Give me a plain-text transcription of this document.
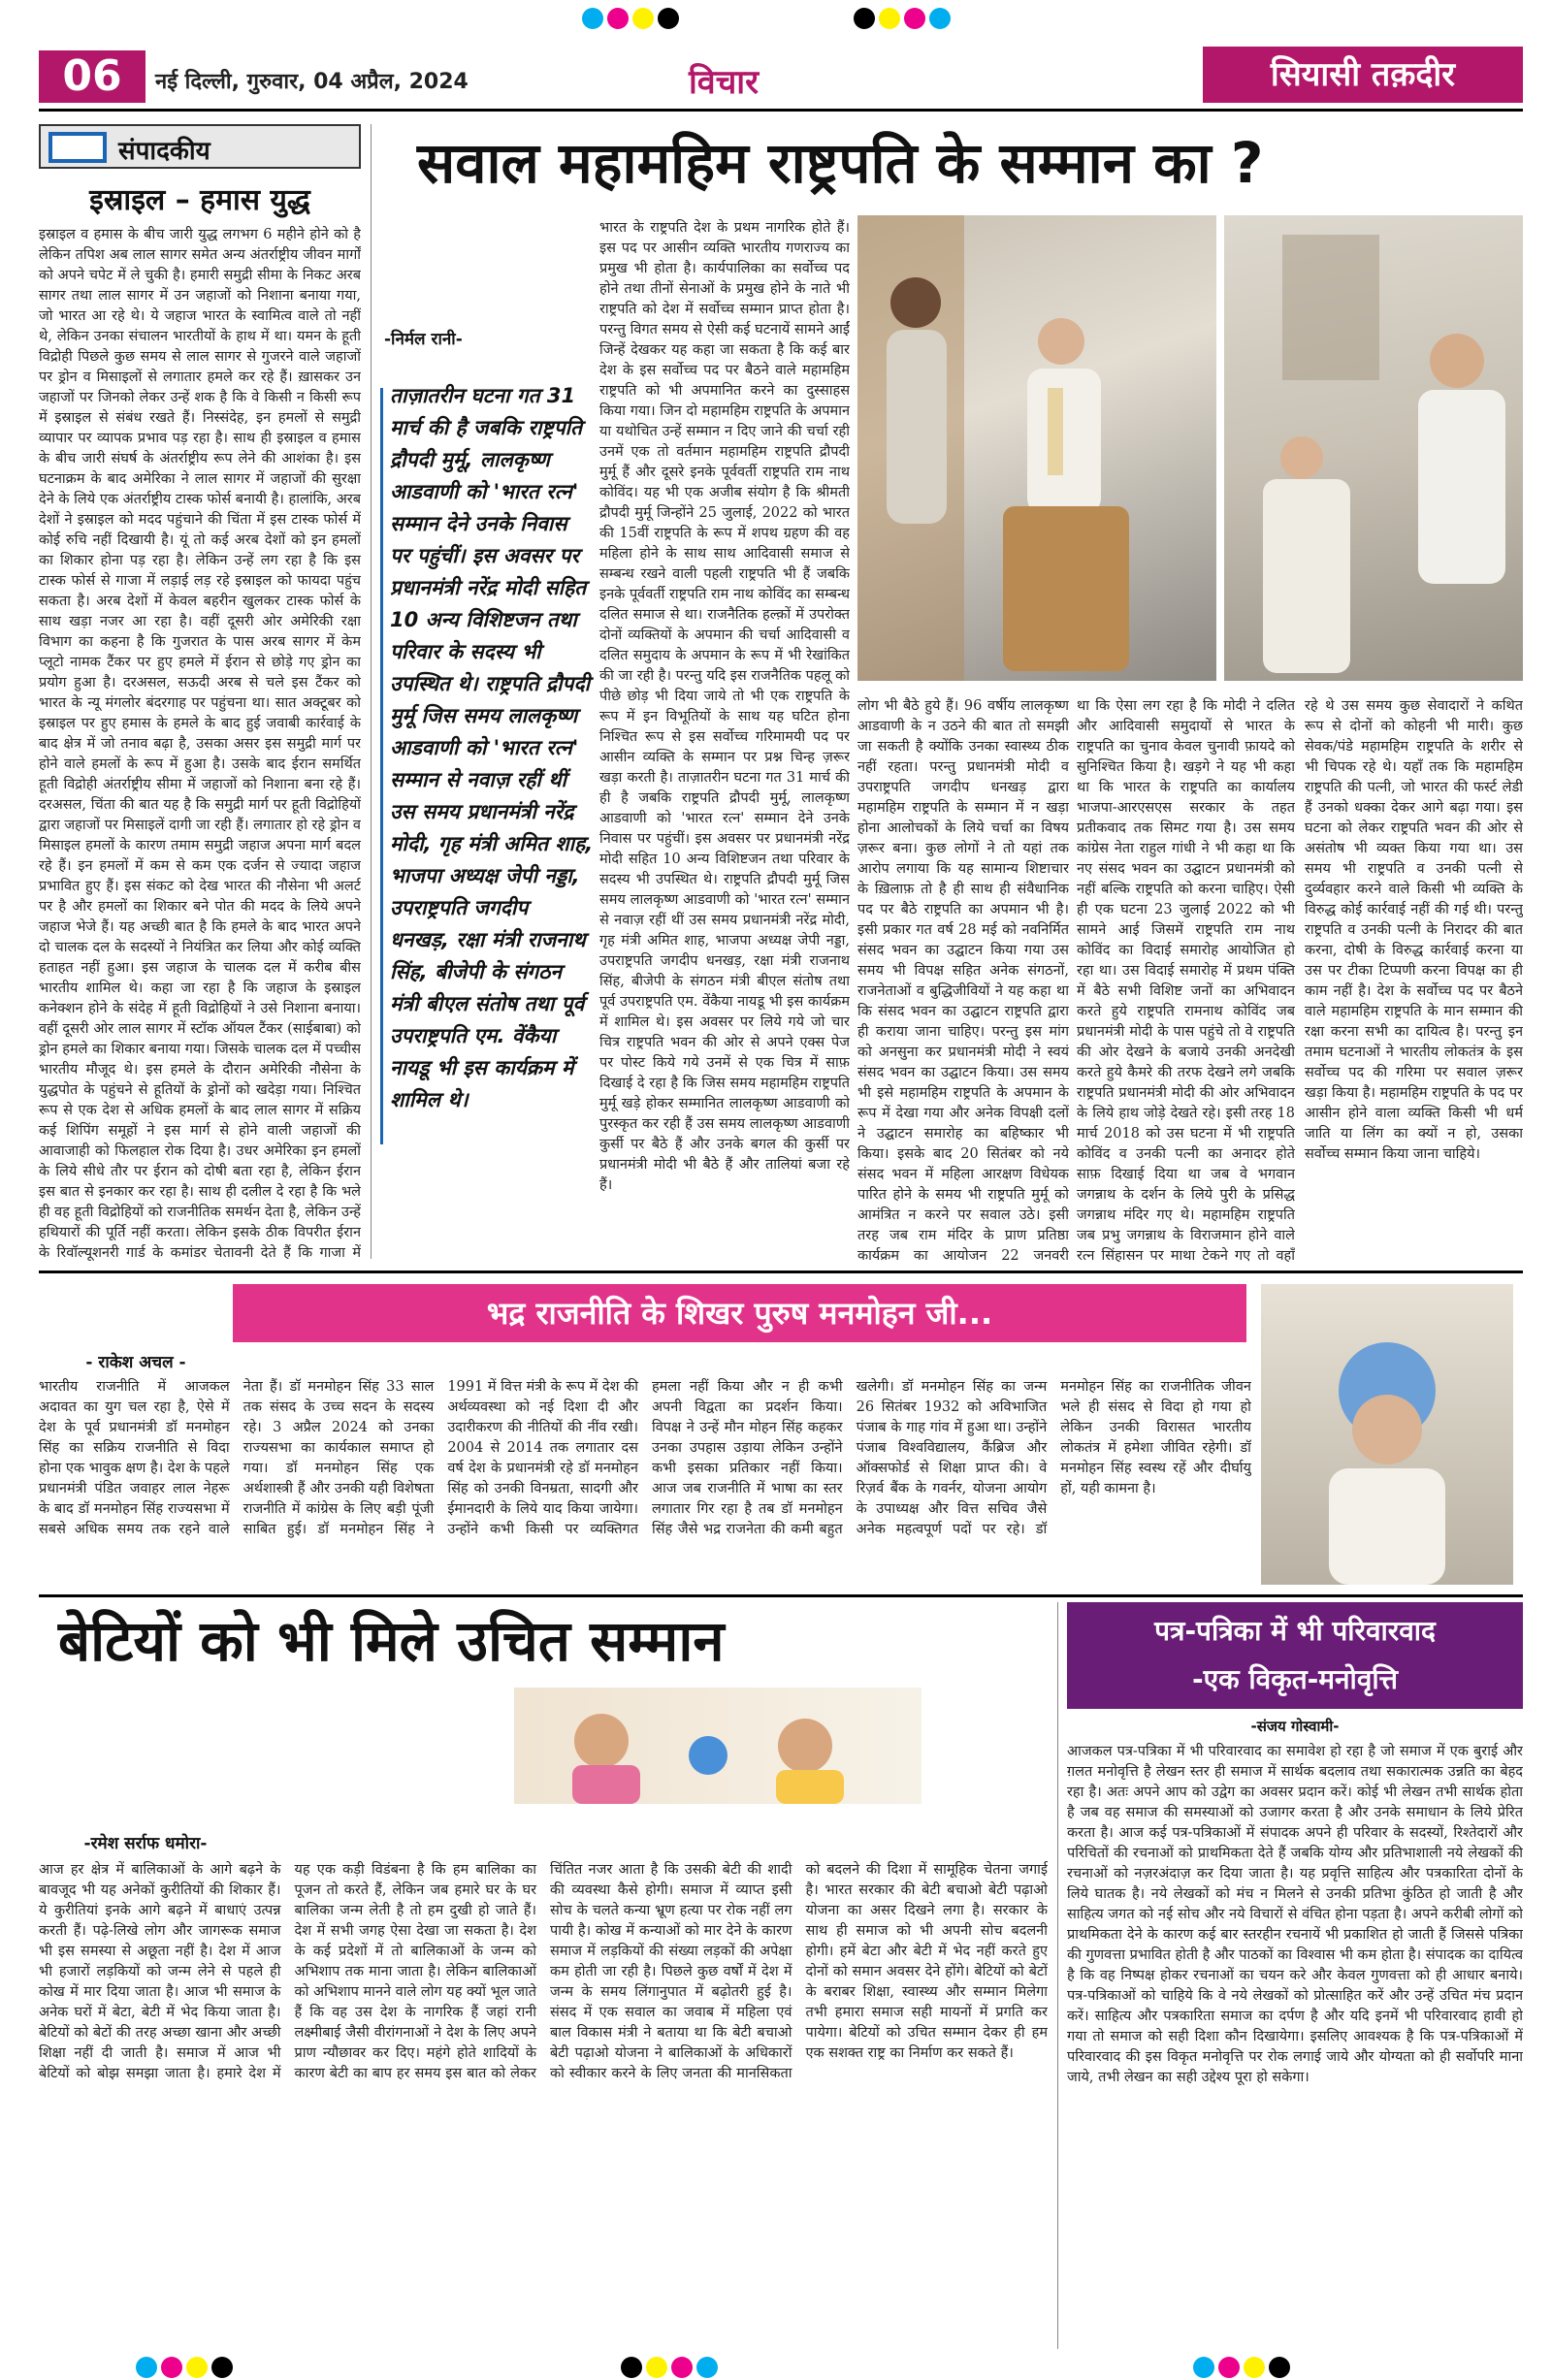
06	नई दिल्ली, गुरुवार, 04 अप्रैल, 2024	विचार	सियासी तक़दीर
संपादकीय
इस्राइल – हमास युद्ध
इस्राइल व हमास के बीच जारी युद्ध लगभग 6 महीने होने को है लेकिन तपिश अब लाल सागर समेत अन्य अंतर्राष्ट्रीय जीवन मार्गों को अपने चपेट में ले चुकी है। हमारी समुद्री सीमा के निकट अरब सागर तथा लाल सागर में उन जहाजों को निशाना बनाया गया, जो भारत आ रहे थे। ये जहाज भारत के स्वामित्व वाले तो नहीं थे, लेकिन उनका संचालन भारतीयों के हाथ में था। यमन के हूती विद्रोही पिछले कुछ समय से लाल सागर से गुजरने वाले जहाजों पर ड्रोन व मिसाइलों से लगातार हमले कर रहे हैं। ख़ासकर उन जहाजों पर जिनको लेकर उन्हें शक है कि वे किसी न किसी रूप में इस्राइल से संबंध रखते हैं। निस्संदेह, इन हमलों से समुद्री व्यापार पर व्यापक प्रभाव पड़ रहा है। साथ ही इस्राइल व हमास के बीच जारी संघर्ष के अंतर्राष्ट्रीय रूप लेने की आशंका है। इस घटनाक्रम के बाद अमेरिका ने लाल सागर में जहाजों की सुरक्षा देने के लिये एक अंतर्राष्ट्रीय टास्क फोर्स बनायी है। हालांकि, अरब देशों ने इस्राइल को मदद पहुंचाने की चिंता में इस टास्क फोर्स में कोई रुचि नहीं दिखायी है। यूं तो कई अरब देशों को इन हमलों का शिकार होना पड़ रहा है। लेकिन उन्हें लग रहा है कि इस टास्क फोर्स से गाजा में लड़ाई लड़ रहे इस्राइल को फायदा पहुंच सकता है। अरब देशों में केवल बहरीन खुलकर टास्क फोर्स के साथ खड़ा नजर आ रहा है। वहीं दूसरी ओर अमेरिकी रक्षा विभाग का कहना है कि गुजरात के पास अरब सागर में केम प्लूटो नामक टैंकर पर हुए हमले में ईरान से छोड़े गए ड्रोन का प्रयोग हुआ है। दरअसल, सऊदी अरब से चले इस टैंकर को भारत के न्यू मंगलोर बंदरगाह पर पहुंचना था। सात अक्टूबर को इस्राइल पर हुए हमास के हमले के बाद हुई जवाबी कार्रवाई के बाद क्षेत्र में जो तनाव बढ़ा है, उसका असर इस समुद्री मार्ग पर होने वाले हमलों के रूप में हुआ है। उसके बाद ईरान समर्थित हूती विद्रोही अंतर्राष्ट्रीय सीमा में जहाजों को निशाना बना रहे हैं। दरअसल, चिंता की बात यह है कि समुद्री मार्ग पर हूती विद्रोहियों द्वारा जहाजों पर मिसाइलें दागी जा रही हैं। लगातार हो रहे ड्रोन व मिसाइल हमलों के कारण तमाम समुद्री जहाज अपना मार्ग बदल रहे हैं। इन हमलों में कम से कम एक दर्जन से ज्यादा जहाज प्रभावित हुए हैं। इस संकट को देख भारत की नौसेना भी अलर्ट पर है और हमलों का शिकार बने पोत की मदद के लिये अपने जहाज भेजे हैं। यह अच्छी बात है कि हमले के बाद भारत अपने दो चालक दल के सदस्यों ने नियंत्रित कर लिया और कोई व्यक्ति हताहत नहीं हुआ। इस जहाज के चालक दल में करीब बीस भारतीय शामिल थे। कहा जा रहा है कि जहाज के इस्राइल कनेक्शन होने के संदेह में हूती विद्रोहियों ने उसे निशाना बनाया। वहीं दूसरी ओर लाल सागर में स्टॉक ऑयल टैंकर (साईबाबा) को ड्रोन हमले का शिकार बनाया गया। जिसके चालक दल में पच्चीस भारतीय मौजूद थे। इस हमले के दौरान अमेरिकी नौसेना के युद्धपोत के पहुंचने से हूतियों के ड्रोनों को खदेड़ा गया। निश्चित रूप से एक देश से अधिक हमलों के बाद लाल सागर में सक्रिय कई शिपिंग समूहों ने इस मार्ग से होने वाली जहाजों की आवाजाही को फिलहाल रोक दिया है। उधर अमेरिका इन हमलों के लिये सीधे तौर पर ईरान को दोषी बता रहा है, लेकिन ईरान इस बात से इनकार कर रहा है। साथ ही दलील दे रहा है कि भले ही वह हूती विद्रोहियों को राजनीतिक समर्थन देता है, लेकिन उन्हें हथियारों की पूर्ति नहीं करता। लेकिन इसके ठीक विपरीत ईरान के रिवॉल्यूशनरी गार्ड के कमांडर चेतावनी देते हैं कि गाजा में
सवाल महामहिम राष्ट्रपति के सम्मान का ?
-निर्मल रानी-
ताज़ातरीन घटना गत 31 मार्च की है जबकि राष्ट्रपति द्रौपदी मुर्मू, लालकृष्ण आडवाणी को 'भारत रत्न' सम्मान देने उनके निवास पर पहुंचीं। इस अवसर पर प्रधानमंत्री नरेंद्र मोदी सहित 10 अन्य विशिष्टजन तथा परिवार के सदस्य भी उपस्थित थे। राष्ट्रपति द्रौपदी मुर्मू जिस समय लालकृष्ण आडवाणी को 'भारत रत्न' सम्मान से नवाज़ रहीं थीं उस समय प्रधानमंत्री नरेंद्र मोदी, गृह मंत्री अमित शाह, भाजपा अध्यक्ष जेपी नड्डा, उपराष्ट्रपति जगदीप धनखड़, रक्षा मंत्री राजनाथ सिंह, बीजेपी के संगठन मंत्री बीएल संतोष तथा पूर्व उपराष्ट्रपति एम. वेंकैया नायडू भी इस कार्यक्रम में शामिल थे।
भारत के राष्ट्रपति देश के प्रथम नागरिक होते हैं। इस पद पर आसीन व्यक्ति भारतीय गणराज्य का प्रमुख भी होता है। कार्यपालिका का सर्वोच्च पद होने तथा तीनों सेनाओं के प्रमुख होने के नाते भी राष्ट्रपति को देश में सर्वोच्च सम्मान प्राप्त होता है। परन्तु विगत समय से ऐसी कई घटनायें सामने आईं जिन्हें देखकर यह कहा जा सकता है कि कई बार देश के इस सर्वोच्च पद पर बैठने वाले महामहिम राष्ट्रपति को भी अपमानित करने का दुस्साहस किया गया। जिन दो महामहिम राष्ट्रपति के अपमान या यथोचित उन्हें सम्मान न दिए जाने की चर्चा रही उनमें एक तो वर्तमान महामहिम राष्ट्रपति द्रौपदी मुर्मू हैं और दूसरे इनके पूर्ववर्ती राष्ट्रपति राम नाथ कोविंद। यह भी एक अजीब संयोग है कि श्रीमती द्रौपदी मुर्मू जिन्होंने 25 जुलाई, 2022 को भारत की 15वीं राष्ट्रपति के रूप में शपथ ग्रहण की वह महिला होने के साथ साथ आदिवासी समाज से सम्बन्ध रखने वाली पहली राष्ट्रपति भी हैं जबकि इनके पूर्ववर्ती राष्ट्रपति राम नाथ कोविंद का सम्बन्ध दलित समाज से था। राजनैतिक हल्क़ों में उपरोक्त दोनों व्यक्तियों के अपमान की चर्चा आदिवासी व दलित समुदाय के अपमान के रूप में भी रेखांकित की जा रही है। परन्तु यदि इस राजनैतिक पहलू को पीछे छोड़ भी दिया जाये तो भी एक राष्ट्रपति के रूप में इन विभूतियों के साथ यह घटित होना निश्चित रूप से इस सर्वोच्च गरिमामयी पद पर आसीन व्यक्ति के सम्मान पर प्रश्न चिन्ह ज़रूर खड़ा करती है। ताज़ातरीन घटना गत 31 मार्च की ही है जबकि राष्ट्रपति द्रौपदी मुर्मू, लालकृष्ण आडवाणी को 'भारत रत्न' सम्मान देने उनके निवास पर पहुंचीं। इस अवसर पर प्रधानमंत्री नरेंद्र मोदी सहित 10 अन्य विशिष्टजन तथा परिवार के सदस्य भी उपस्थित थे। राष्ट्रपति द्रौपदी मुर्मू जिस समय लालकृष्ण आडवाणी को 'भारत रत्न' सम्मान से नवाज़ रहीं थीं उस समय प्रधानमंत्री नरेंद्र मोदी, गृह मंत्री अमित शाह, भाजपा अध्यक्ष जेपी नड्डा, उपराष्ट्रपति जगदीप धनखड़, रक्षा मंत्री राजनाथ सिंह, बीजेपी के संगठन मंत्री बीएल संतोष तथा पूर्व उपराष्ट्रपति एम. वेंकैया नायडू भी इस कार्यक्रम में शामिल थे। इस अवसर पर लिये गये जो चार चित्र राष्ट्रपति भवन की ओर से अपने एक्स पेज पर पोस्ट किये गये उनमें से एक चित्र में साफ़ दिखाई दे रहा है कि जिस समय महामहिम राष्ट्रपति मुर्मू खड़े होकर सम्मानित लालकृष्ण आडवाणी को पुरस्कृत कर रही हैं उस समय लालकृष्ण आडवाणी कुर्सी पर बैठे हैं और उनके बगल की कुर्सी पर प्रधानमंत्री मोदी भी बैठे हैं और तालियां बजा रहे हैं।
लोग भी बैठे हुये हैं। 96 वर्षीय लालकृष्ण आडवाणी के न उठने की बात तो समझी जा सकती है क्योंकि उनका स्वास्थ्य ठीक नहीं रहता। परन्तु प्रधानमंत्री मोदी व उपराष्ट्रपति जगदीप धनखड़ द्वारा महामहिम राष्ट्रपति के सम्मान में न खड़ा होना आलोचकों के लिये चर्चा का विषय ज़रूर बना। कुछ लोगों ने तो यहां तक आरोप लगाया कि यह सामान्य शिष्टाचार के ख़िलाफ़ तो है ही साथ ही संवैधानिक पद पर बैठे राष्ट्रपति का अपमान भी है। इसी प्रकार गत वर्ष 28 मई को नवनिर्मित संसद भवन का उद्घाटन किया गया उस समय भी विपक्ष सहित अनेक संगठनों, राजनेताओं व बुद्धिजीवियों ने यह कहा था कि संसद भवन का उद्घाटन राष्ट्रपति द्वारा ही कराया जाना चाहिए। परन्तु इस मांग को अनसुना कर प्रधानमंत्री मोदी ने स्वयं संसद भवन का उद्घाटन किया। उस समय भी इसे महामहिम राष्ट्रपति के अपमान के रूप में देखा गया और अनेक विपक्षी दलों ने उद्घाटन समारोह का बहिष्कार भी किया। इसके बाद 20 सितंबर को नये संसद भवन में महिला आरक्षण विधेयक पारित होने के समय भी राष्ट्रपति मुर्मू को आमंत्रित न करने पर सवाल उठे। इसी तरह जब राम मंदिर के प्राण प्रतिष्ठा कार्यक्रम का आयोजन 22 जनवरी
था कि ऐसा लग रहा है कि मोदी ने दलित और आदिवासी समुदायों से भारत के राष्ट्रपति का चुनाव केवल चुनावी फ़ायदे को सुनिश्चित किया है। खड़गे ने यह भी कहा था कि भारत के राष्ट्रपति का कार्यालय भाजपा-आरएसएस सरकार के तहत प्रतीकवाद तक सिमट गया है। उस समय कांग्रेस नेता राहुल गांधी ने भी कहा था कि नए संसद भवन का उद्घाटन प्रधानमंत्री को नहीं बल्कि राष्ट्रपति को करना चाहिए। ऐसी ही एक घटना 23 जुलाई 2022 को भी सामने आई जिसमें राष्ट्रपति राम नाथ कोविंद का विदाई समारोह आयोजित हो रहा था। उस विदाई समारोह में प्रथम पंक्ति में बैठे सभी विशिष्ट जनों का अभिवादन करते हुये राष्ट्रपति रामनाथ कोविंद जब प्रधानमंत्री मोदी के पास पहुंचे तो वे राष्ट्रपति की ओर देखने के बजाये उनकी अनदेखी करते हुये कैमरे की तरफ देखने लगे जबकि राष्ट्रपति प्रधानमंत्री मोदी की ओर अभिवादन के लिये हाथ जोड़े देखते रहे। इसी तरह 18 मार्च 2018 को उस घटना में भी राष्ट्रपति कोविंद व उनकी पत्नी का अनादर होते साफ़ दिखाई दिया था जब वे भगवान जगन्नाथ के दर्शन के लिये पुरी के प्रसिद्ध जगन्नाथ मंदिर गए थे। महामहिम राष्ट्रपति जब प्रभु जगन्नाथ के विराजमान होने वाले रत्न सिंहासन पर माथा टेकने गए तो वहाँ
रहे थे उस समय कुछ सेवादारों ने कथित रूप से दोनों को कोहनी भी मारी। कुछ सेवक/पंडे महामहिम राष्ट्रपति के शरीर से भी चिपक रहे थे। यहाँ तक कि महामहिम राष्ट्रपति की पत्नी, जो भारत की फर्स्ट लेडी हैं उनको धक्का देकर आगे बढ़ा गया। इस घटना को लेकर राष्ट्रपति भवन की ओर से असंतोष भी व्यक्त किया गया था। उस समय भी राष्ट्रपति व उनकी पत्नी से दुर्व्यवहार करने वाले किसी भी व्यक्ति के विरुद्ध कोई कार्रवाई नहीं की गई थी। परन्तु राष्ट्रपति व उनकी पत्नी के निरादर की बात करना, दोषी के विरुद्ध कार्रवाई करना या उस पर टीका टिप्पणी करना विपक्ष का ही काम नहीं है। देश के सर्वोच्च पद पर बैठने वाले महामहिम राष्ट्रपति के मान सम्मान की रक्षा करना सभी का दायित्व है। परन्तु इन तमाम घटनाओं ने भारतीय लोकतंत्र के इस सर्वोच्च पद की गरिमा पर सवाल ज़रूर खड़ा किया है। महामहिम राष्ट्रपति के पद पर आसीन होने वाला व्यक्ति किसी भी धर्म जाति या लिंग का क्यों न हो, उसका सर्वोच्च सम्मान किया जाना चाहिये।
भद्र राजनीति के शिखर पुरुष मनमोहन जी...
- राकेश अचल -
भारतीय राजनीति में आजकल अदावत का युग चल रहा है, ऐसे में देश के पूर्व प्रधानमंत्री डॉ मनमोहन सिंह का सक्रिय राजनीति से विदा होना एक भावुक क्षण है। देश के पहले प्रधानमंत्री पंडित जवाहर लाल नेहरू के बाद डॉ मनमोहन सिंह राज्यसभा में सबसे अधिक समय तक रहने वाले नेता हैं। डॉ मनमोहन सिंह 33 साल तक संसद के उच्च सदन के सदस्य रहे। 3 अप्रैल 2024 को उनका राज्यसभा का कार्यकाल समाप्त हो गया। डॉ मनमोहन सिंह एक अर्थशास्त्री हैं और उनकी यही विशेषता राजनीति में कांग्रेस के लिए बड़ी पूंजी साबित हुई। डॉ मनमोहन सिंह ने 1991 में वित्त मंत्री के रूप में देश की अर्थव्यवस्था को नई दिशा दी और उदारीकरण की नीतियों की नींव रखी। 2004 से 2014 तक लगातार दस वर्ष देश के प्रधानमंत्री रहे डॉ मनमोहन सिंह को उनकी विनम्रता, सादगी और ईमानदारी के लिये याद किया जायेगा। उन्होंने कभी किसी पर व्यक्तिगत हमला नहीं किया और न ही कभी अपनी विद्वता का प्रदर्शन किया। विपक्ष ने उन्हें मौन मोहन सिंह कहकर उनका उपहास उड़ाया लेकिन उन्होंने कभी इसका प्रतिकार नहीं किया। आज जब राजनीति में भाषा का स्तर लगातार गिर रहा है तब डॉ मनमोहन सिंह जैसे भद्र राजनेता की कमी बहुत खलेगी। डॉ मनमोहन सिंह का जन्म 26 सितंबर 1932 को अविभाजित पंजाब के गाह गांव में हुआ था। उन्होंने पंजाब विश्वविद्यालय, कैंब्रिज और ऑक्सफोर्ड से शिक्षा प्राप्त की। वे रिज़र्व बैंक के गवर्नर, योजना आयोग के उपाध्यक्ष और वित्त सचिव जैसे अनेक महत्वपूर्ण पदों पर रहे। डॉ मनमोहन सिंह का राजनीतिक जीवन भले ही संसद से विदा हो गया हो लेकिन उनकी विरासत भारतीय लोकतंत्र में हमेशा जीवित रहेगी। डॉ मनमोहन सिंह स्वस्थ रहें और दीर्घायु हों, यही कामना है।
बेटियों को भी मिले उचित सम्मान
-रमेश सर्राफ धमोरा-
आज हर क्षेत्र में बालिकाओं के आगे बढ़ने के बावजूद भी यह अनेकों कुरीतियों की शिकार हैं। ये कुरीतियां इनके आगे बढ़ने में बाधाएं उत्पन्न करती हैं। पढ़े-लिखे लोग और जागरूक समाज भी इस समस्या से अछूता नहीं है। देश में आज भी हजारों लड़कियों को जन्म लेने से पहले ही कोख में मार दिया जाता है। आज भी समाज के अनेक घरों में बेटा, बेटी में भेद किया जाता है। बेटियों को बेटों की तरह अच्छा खाना और अच्छी शिक्षा नहीं दी जाती है। समाज में आज भी बेटियों को बोझ समझा जाता है। हमारे देश में यह एक कड़ी विडंबना है कि हम बालिका का पूजन तो करते हैं, लेकिन जब हमारे घर के घर बालिका जन्म लेती है तो हम दुखी हो जाते हैं। देश में सभी जगह ऐसा देखा जा सकता है। देश के कई प्रदेशों में तो बालिकाओं के जन्म को अभिशाप तक माना जाता है। लेकिन बालिकाओं को अभिशाप मानने वाले लोग यह क्यों भूल जाते हैं कि वह उस देश के नागरिक हैं जहां रानी लक्ष्मीबाई जैसी वीरांगनाओं ने देश के लिए अपने प्राण न्यौछावर कर दिए। महंगे होते शादियों के कारण बेटी का बाप हर समय इस बात को लेकर चिंतित नजर आता है कि उसकी बेटी की शादी की व्यवस्था कैसे होगी। समाज में व्याप्त इसी सोच के चलते कन्या भ्रूण हत्या पर रोक नहीं लग पायी है। कोख में कन्याओं को मार देने के कारण समाज में लड़कियों की संख्या लड़कों की अपेक्षा कम होती जा रही है। पिछले कुछ वर्षों में देश में जन्म के समय लिंगानुपात में बढ़ोतरी हुई है। संसद में एक सवाल का जवाब में महिला एवं बाल विकास मंत्री ने बताया था कि बेटी बचाओ बेटी पढ़ाओ योजना ने बालिकाओं के अधिकारों को स्वीकार करने के लिए जनता की मानसिकता को बदलने की दिशा में सामूहिक चेतना जगाई है। भारत सरकार की बेटी बचाओ बेटी पढ़ाओ योजना का असर दिखने लगा है। सरकार के साथ ही समाज को भी अपनी सोच बदलनी होगी। हमें बेटा और बेटी में भेद नहीं करते हुए दोनों को समान अवसर देने होंगे। बेटियों को बेटों के बराबर शिक्षा, स्वास्थ्य और सम्मान मिलेगा तभी हमारा समाज सही मायनों में प्रगति कर पायेगा। बेटियों को उचित सम्मान देकर ही हम एक सशक्त राष्ट्र का निर्माण कर सकते हैं।
पत्र-पत्रिका में भी परिवारवाद
-एक विकृत-मनोवृत्ति
-संजय गोस्वामी-
आजकल पत्र-पत्रिका में भी परिवारवाद का समावेश हो रहा है जो समाज में एक बुराई और ग़लत मनोवृत्ति है लेखन स्तर ही समाज में सार्थक बदलाव तथा सकारात्मक उन्नति का बेहद रहा है। अतः अपने आप को उद्वेग का अवसर प्रदान करें। कोई भी लेखन तभी सार्थक होता है जब वह समाज की समस्याओं को उजागर करता है और उनके समाधान के लिये प्रेरित करता है। आज कई पत्र-पत्रिकाओं में संपादक अपने ही परिवार के सदस्यों, रिश्तेदारों और परिचितों की रचनाओं को प्राथमिकता देते हैं जबकि योग्य और प्रतिभाशाली नये लेखकों की रचनाओं को नज़रअंदाज़ कर दिया जाता है। यह प्रवृत्ति साहित्य और पत्रकारिता दोनों के लिये घातक है। नये लेखकों को मंच न मिलने से उनकी प्रतिभा कुंठित हो जाती है और साहित्य जगत को नई सोच और नये विचारों से वंचित होना पड़ता है। अपने करीबी लोगों को प्राथमिकता देने के कारण कई बार स्तरहीन रचनायें भी प्रकाशित हो जाती हैं जिससे पत्रिका की गुणवत्ता प्रभावित होती है और पाठकों का विश्वास भी कम होता है। संपादक का दायित्व है कि वह निष्पक्ष होकर रचनाओं का चयन करे और केवल गुणवत्ता को ही आधार बनाये। पत्र-पत्रिकाओं को चाहिये कि वे नये लेखकों को प्रोत्साहित करें और उन्हें उचित मंच प्रदान करें। साहित्य और पत्रकारिता समाज का दर्पण है और यदि इनमें भी परिवारवाद हावी हो गया तो समाज को सही दिशा कौन दिखायेगा। इसलिए आवश्यक है कि पत्र-पत्रिकाओं में परिवारवाद की इस विकृत मनोवृत्ति पर रोक लगाई जाये और योग्यता को ही सर्वोपरि माना जाये, तभी लेखन का सही उद्देश्य पूरा हो सकेगा।
